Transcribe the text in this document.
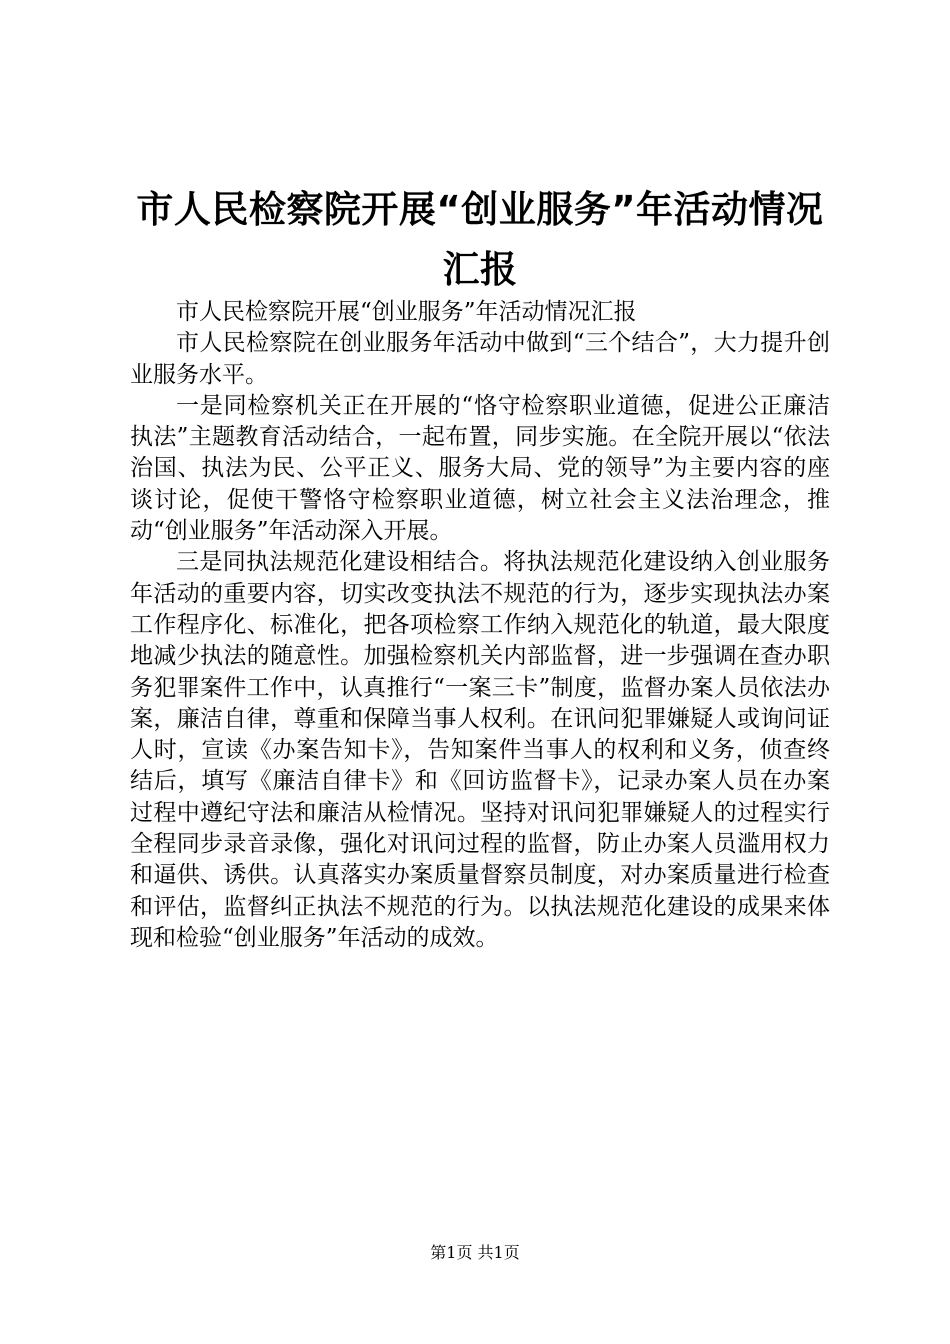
市人民检察院开展“创业服务”年活动情况汇报

市人民检察院开展“创业服务”年活动情况汇报

市人民检察院在创业服务年活动中做到“三个结合”，大力提升创业服务水平。

一是同检察机关正在开展的“恪守检察职业道德，促进公正廉洁执法”主题教育活动结合，一起布置，同步实施。在全院开展以“依法治国、执法为民、公平正义、服务大局、党的领导”为主要内容的座谈讨论，促使干警恪守检察职业道德，树立社会主义法治理念，推动“创业服务”年活动深入开展。

三是同执法规范化建设相结合。将执法规范化建设纳入创业服务年活动的重要内容，切实改变执法不规范的行为，逐步实现执法办案工作程序化、标准化，把各项检察工作纳入规范化的轨道，最大限度地减少执法的随意性。加强检察机关内部监督，进一步强调在查办职务犯罪案件工作中，认真推行“一案三卡”制度，监督办案人员依法办案，廉洁自律，尊重和保障当事人权利。在讯问犯罪嫌疑人或询问证人时，宣读《办案告知卡》，告知案件当事人的权利和义务，侦查终结后，填写《廉洁自律卡》和《回访监督卡》，记录办案人员在办案过程中遵纪守法和廉洁从检情况。坚持对讯问犯罪嫌疑人的过程实行全程同步录音录像，强化对讯问过程的监督，防止办案人员滥用权力和逼供、诱供。认真落实办案质量督察员制度，对办案质量进行检查和评估，监督纠正执法不规范的行为。以执法规范化建设的成果来体现和检验“创业服务”年活动的成效。

第1页 共1页
